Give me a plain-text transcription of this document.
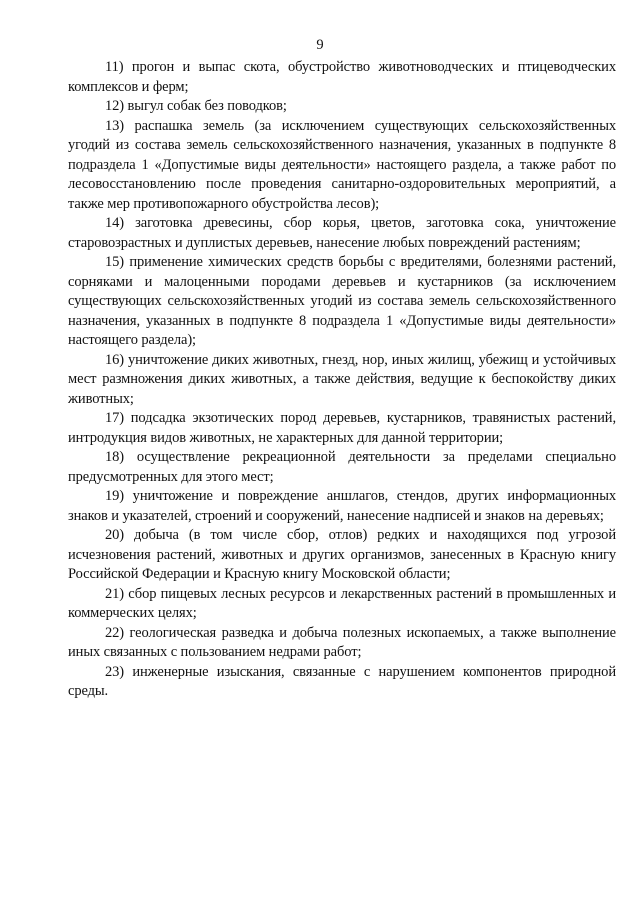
9

11) прогон и выпас скота, обустройство животноводческих и птицеводческих комплексов и ферм;

12) выгул собак без поводков;

13) распашка земель (за исключением существующих сельскохозяйственных угодий из состава земель сельскохозяйственного назначения, указанных в подпункте 8 подраздела 1 «Допустимые виды деятельности» настоящего раздела, а также работ по лесовосстановлению после проведения санитарно-оздоровительных мероприятий, а также мер противопожарного обустройства лесов);

14) заготовка древесины, сбор корья, цветов, заготовка сока, уничтожение старовозрастных и дуплистых деревьев, нанесение любых повреждений растениям;

15) применение химических средств борьбы с вредителями, болезнями растений, сорняками и малоценными породами деревьев и кустарников (за исключением существующих сельскохозяйственных угодий из состава земель сельскохозяйственного назначения, указанных в подпункте 8 подраздела 1 «Допустимые виды деятельности» настоящего раздела);

16) уничтожение диких животных, гнезд, нор, иных жилищ, убежищ и устойчивых мест размножения диких животных, а также действия, ведущие к беспокойству диких животных;

17) подсадка экзотических пород деревьев, кустарников, травянистых растений, интродукция видов животных, не характерных для данной территории;

18) осуществление рекреационной деятельности за пределами специально предусмотренных для этого мест;

19) уничтожение и повреждение аншлагов, стендов, других информационных знаков и указателей, строений и сооружений, нанесение надписей и знаков на деревьях;

20) добыча (в том числе сбор, отлов) редких и находящихся под угрозой исчезновения растений, животных и других организмов, занесенных в Красную книгу Российской Федерации и Красную книгу Московской области;

21) сбор пищевых лесных ресурсов и лекарственных растений в промышленных и коммерческих целях;

22) геологическая разведка и добыча полезных ископаемых, а также выполнение иных связанных с пользованием недрами работ;

23) инженерные изыскания, связанные с нарушением компонентов природной среды.
